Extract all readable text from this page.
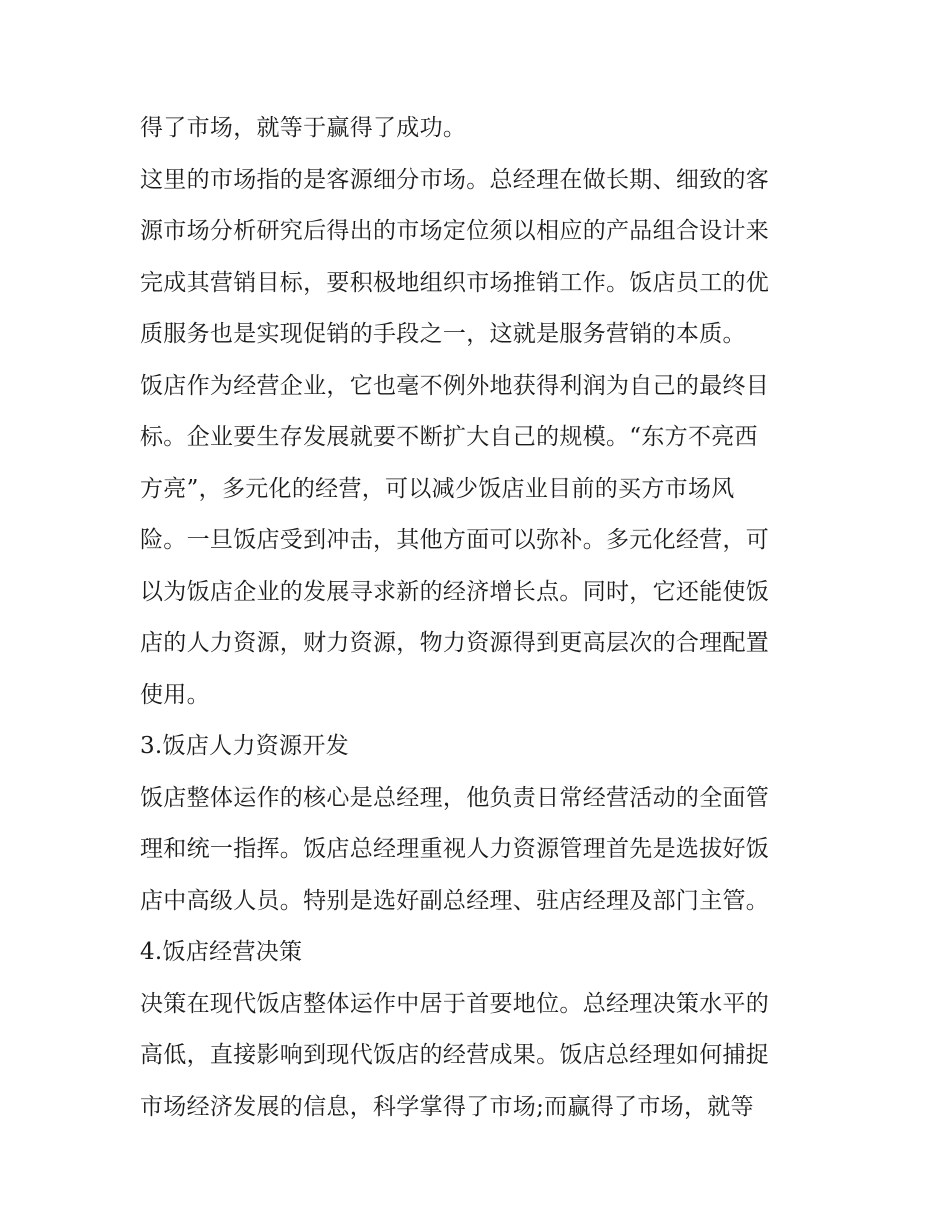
得了市场，就等于赢得了成功。

这里的市场指的是客源细分市场。总经理在做长期、细致的客

源市场分析研究后得出的市场定位须以相应的产品组合设计来

完成其营销目标，要积极地组织市场推销工作。饭店员工的优

质服务也是实现促销的手段之一，这就是服务营销的本质。

饭店作为经营企业，它也毫不例外地获得利润为自己的最终目

标。企业要生存发展就要不断扩大自己的规模。“东方不亮西

方亮”，多元化的经营，可以减少饭店业目前的买方市场风

险。一旦饭店受到冲击，其他方面可以弥补。多元化经营，可

以为饭店企业的发展寻求新的经济增长点。同时，它还能使饭

店的人力资源，财力资源，物力资源得到更高层次的合理配置

使用。

3.饭店人力资源开发

饭店整体运作的核心是总经理，他负责日常经营活动的全面管

理和统一指挥。饭店总经理重视人力资源管理首先是选拔好饭

店中高级人员。特别是选好副总经理、驻店经理及部门主管。

4.饭店经营决策

决策在现代饭店整体运作中居于首要地位。总经理决策水平的

高低，直接影响到现代饭店的经营成果。饭店总经理如何捕捉

市场经济发展的信息，科学掌得了市场;而赢得了市场，就等
